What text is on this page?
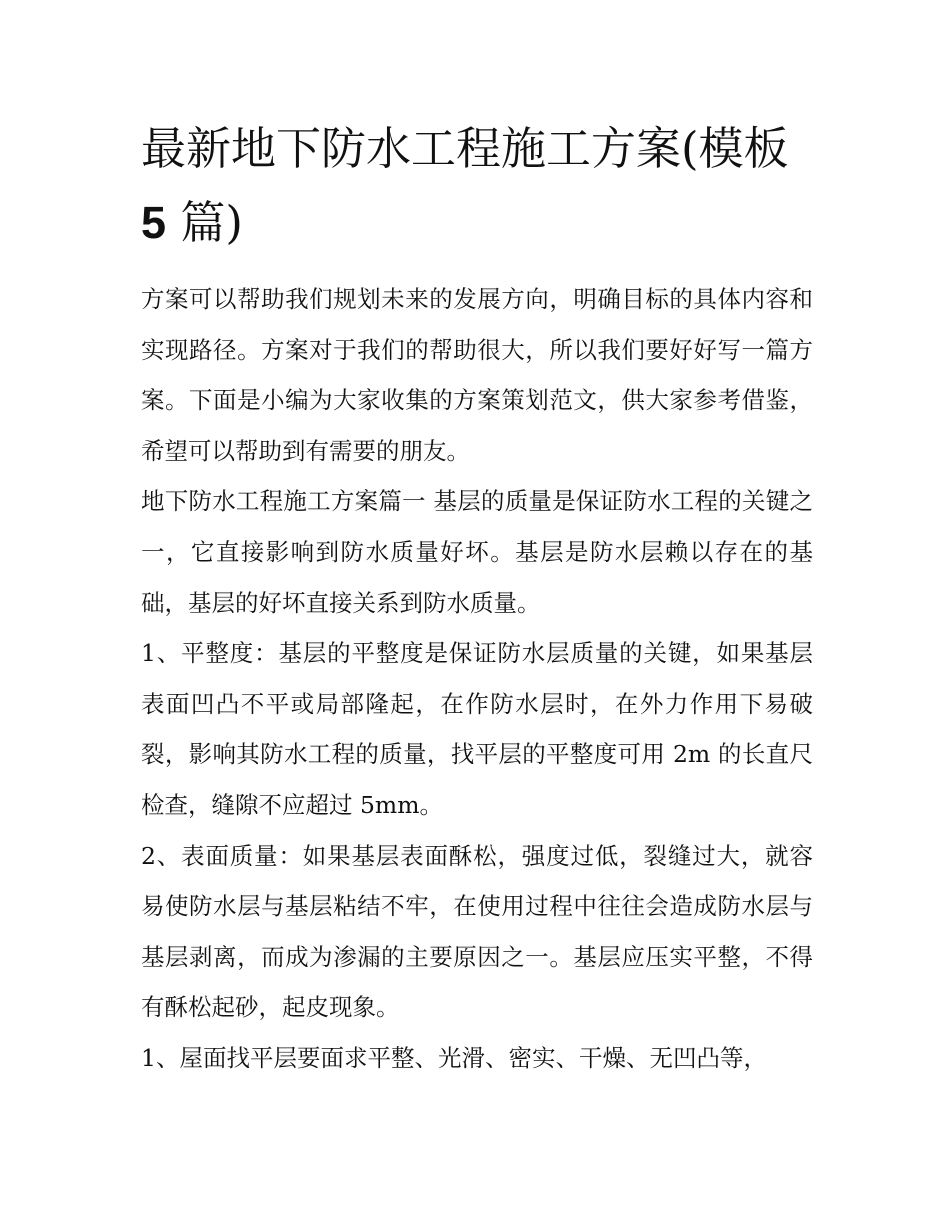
最新地下防水工程施工方案(模板
5 篇)

方案可以帮助我们规划未来的发展方向，明确目标的具体内容和实现路径。方案对于我们的帮助很大，所以我们要好好写一篇方案。下面是小编为大家收集的方案策划范文，供大家参考借鉴，希望可以帮助到有需要的朋友。

地下防水工程施工方案篇一 基层的质量是保证防水工程的关键之一，它直接影响到防水质量好坏。基层是防水层赖以存在的基础，基层的好坏直接关系到防水质量。

1、平整度：基层的平整度是保证防水层质量的关键，如果基层表面凹凸不平或局部隆起，在作防水层时，在外力作用下易破裂，影响其防水工程的质量，找平层的平整度可用 2m 的长直尺检查，缝隙不应超过 5mm。

2、表面质量：如果基层表面酥松，强度过低，裂缝过大，就容易使防水层与基层粘结不牢，在使用过程中往往会造成防水层与基层剥离，而成为渗漏的主要原因之一。基层应压实平整，不得有酥松起砂，起皮现象。

1、屋面找平层要面求平整、光滑、密实、干燥、无凹凸等，
